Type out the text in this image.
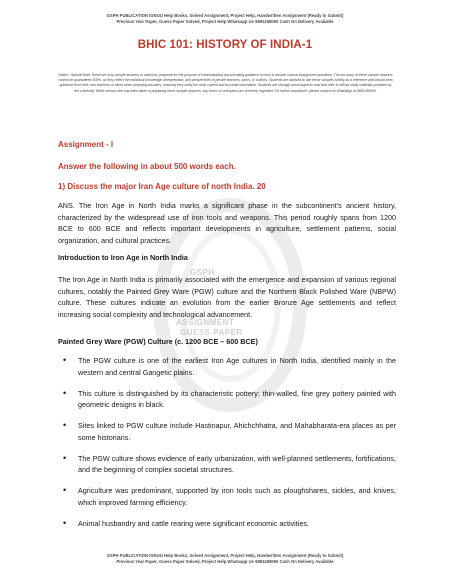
GSPH PUBLICATION IGNOU Help Books, Solved Assignment, Project Help, Handwritten Assignment (Ready to Submit)
Previous Year Paper, Guess Paper Solved, Project Help Whatsapp Us 9891268050 Cash On Delivery Available
BHIC 101: HISTORY OF INDIA-1
Notice / Special Note-These are only sample answers or solutions, prepared for the purpose of understanding and providing guidance on how to answer various assignment questions. The accuracy of these sample answers cannot be guaranteed 100%, as they reflect the individual knowledge, interpretation, and perspectives of private teachers, tutors, or authors. Students are advised to use these samples strictly as a reference and should seek guidance from their own teachers or tutors when preparing answers, ensuring they verify the most current and accurate information. Students are strongly encouraged to read and refer to official study materials provided by the university. While utmost care has been taken in preparing these sample answers, any errors or omissions are sincerely regretted. For further assistance, please contact on WhatsApp at 9891268050.
GSPH
ASSIGNMENT
GUESS PAPER
Assignment - I
Answer the following in about 500 words each.
1) Discuss the major Iran Age culture of north India. 20
ANS. The Iron Age in North India marks a significant phase in the subcontinent's ancient history, characterized by the widespread use of iron tools and weapons. This period roughly spans from 1200 BCE to 600 BCE and reflects important developments in agriculture, settlement patterns, social organization, and cultural practices.
Introduction to Iron Age in North India
The Iron Age in North India is primarily associated with the emergence and expansion of various regional cultures, notably the Painted Grey Ware (PGW) culture and the Northern Black Polished Ware (NBPW) culture. These cultures indicate an evolution from the earlier Bronze Age settlements and reflect increasing social complexity and technological advancement.
Painted Grey Ware (PGW) Culture (c. 1200 BCE – 600 BCE)
• The PGW culture is one of the earliest Iron Age cultures in North India, identified mainly in the western and central Gangetic plains.
• This culture is distinguished by its characteristic pottery: thin-walled, fine grey pottery painted with geometric designs in black.
• Sites linked to PGW culture include Hastinapur, Ahichchhatra, and Mahabharata-era places as per some historians.
• The PGW culture shows evidence of early urbanization, with well-planned settlements, fortifications, and the beginning of complex societal structures.
• Agriculture was predominant, supported by iron tools such as ploughshares, sickles, and knives, which improved farming efficiency.
• Animal husbandry and cattle rearing were significant economic activities.
GSPH PUBLICATION IGNOU Help Books, Solved Assignment, Project Help, Handwritten Assignment (Ready to Submit)
Previous Year Paper, Guess Paper Solved, Project Help Whatsapp Us 9891268050 Cash On Delivery Available
